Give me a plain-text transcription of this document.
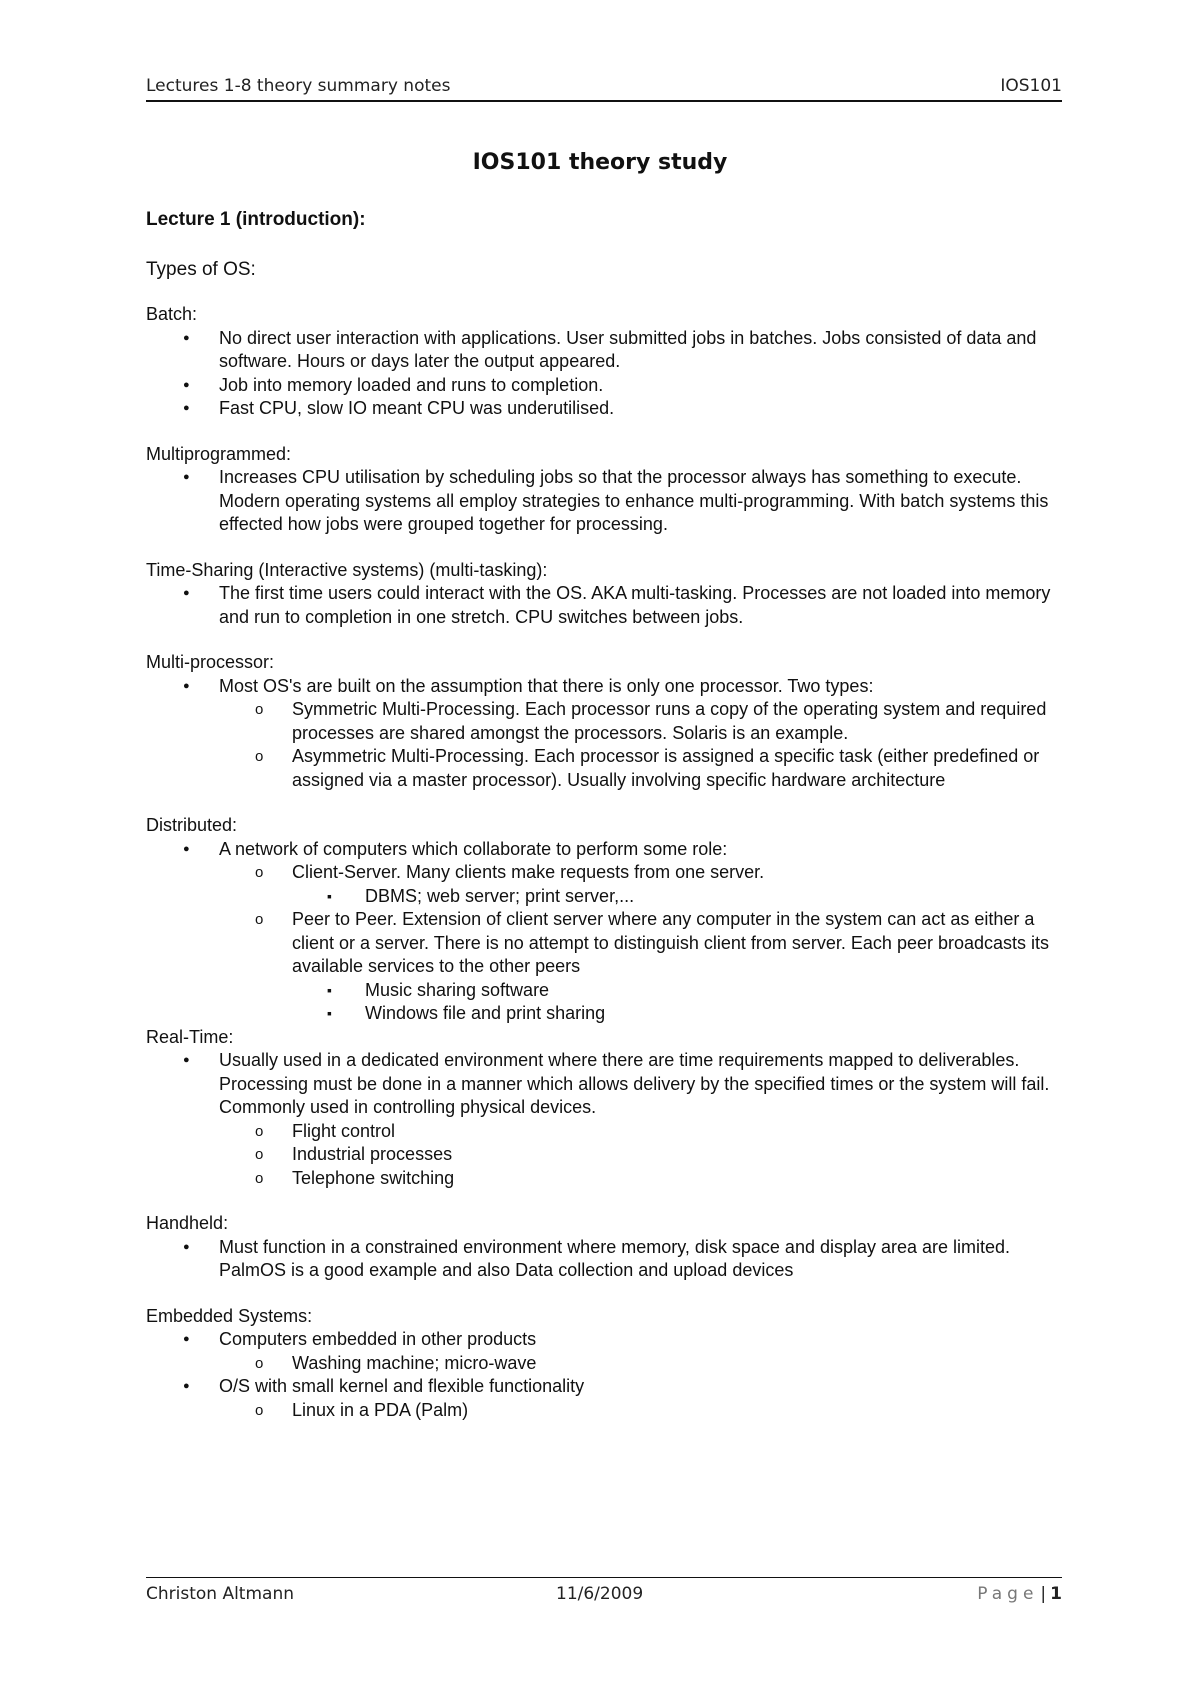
Lectures 1-8 theory summary notes	IOS101
IOS101 theory study
Lecture 1 (introduction):
Types of OS:
Batch:
● No direct user interaction with applications. User submitted jobs in batches. Jobs consisted of data and software. Hours or days later the output appeared.
● Job into memory loaded and runs to completion.
● Fast CPU, slow IO meant CPU was underutilised.
Multiprogrammed:
● Increases CPU utilisation by scheduling jobs so that the processor always has something to execute. Modern operating systems all employ strategies to enhance multi-programming. With batch systems this effected how jobs were grouped together for processing.
Time-Sharing (Interactive systems) (multi-tasking):
● The first time users could interact with the OS. AKA multi-tasking. Processes are not loaded into memory and run to completion in one stretch. CPU switches between jobs.
Multi-processor:
● Most OS's are built on the assumption that there is only one processor. Two types:
o Symmetric Multi-Processing. Each processor runs a copy of the operating system and required processes are shared amongst the processors. Solaris is an example.
o Asymmetric Multi-Processing. Each processor is assigned a specific task (either predefined or assigned via a master processor). Usually involving specific hardware architecture
Distributed:
● A network of computers which collaborate to perform some role:
o Client-Server. Many clients make requests from one server.
▪ DBMS; web server; print server,...
o Peer to Peer. Extension of client server where any computer in the system can act as either a client or a server. There is no attempt to distinguish client from server. Each peer broadcasts its available services to the other peers
▪ Music sharing software
▪ Windows file and print sharing
Real-Time:
● Usually used in a dedicated environment where there are time requirements mapped to deliverables. Processing must be done in a manner which allows delivery by the specified times or the system will fail. Commonly used in controlling physical devices.
o Flight control
o Industrial processes
o Telephone switching
Handheld:
● Must function in a constrained environment where memory, disk space and display area are limited. PalmOS is a good example and also Data collection and upload devices
Embedded Systems:
● Computers embedded in other products
o Washing machine; micro-wave
● O/S with small kernel and flexible functionality
o Linux in a PDA (Palm)
Christon Altmann	11/6/2009	Page | 1
